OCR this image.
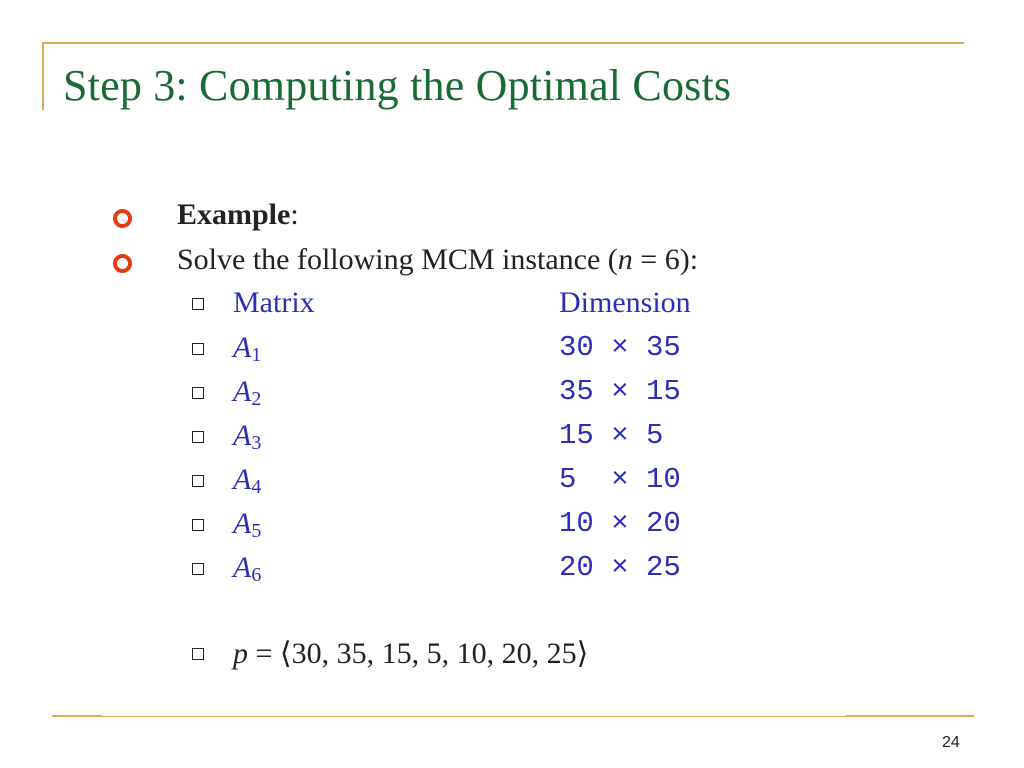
Step 3: Computing the Optimal Costs
Example:
Solve the following MCM instance (n = 6):
Matrix	Dimension
$A_1$	30 × 35
$A_2$	35 × 15
$A_3$	15 × 5
$A_4$	5  × 10
$A_5$	10 × 20
$A_6$	20 × 25
p = ⟨30, 35, 15, 5, 10, 20, 25⟩
24
